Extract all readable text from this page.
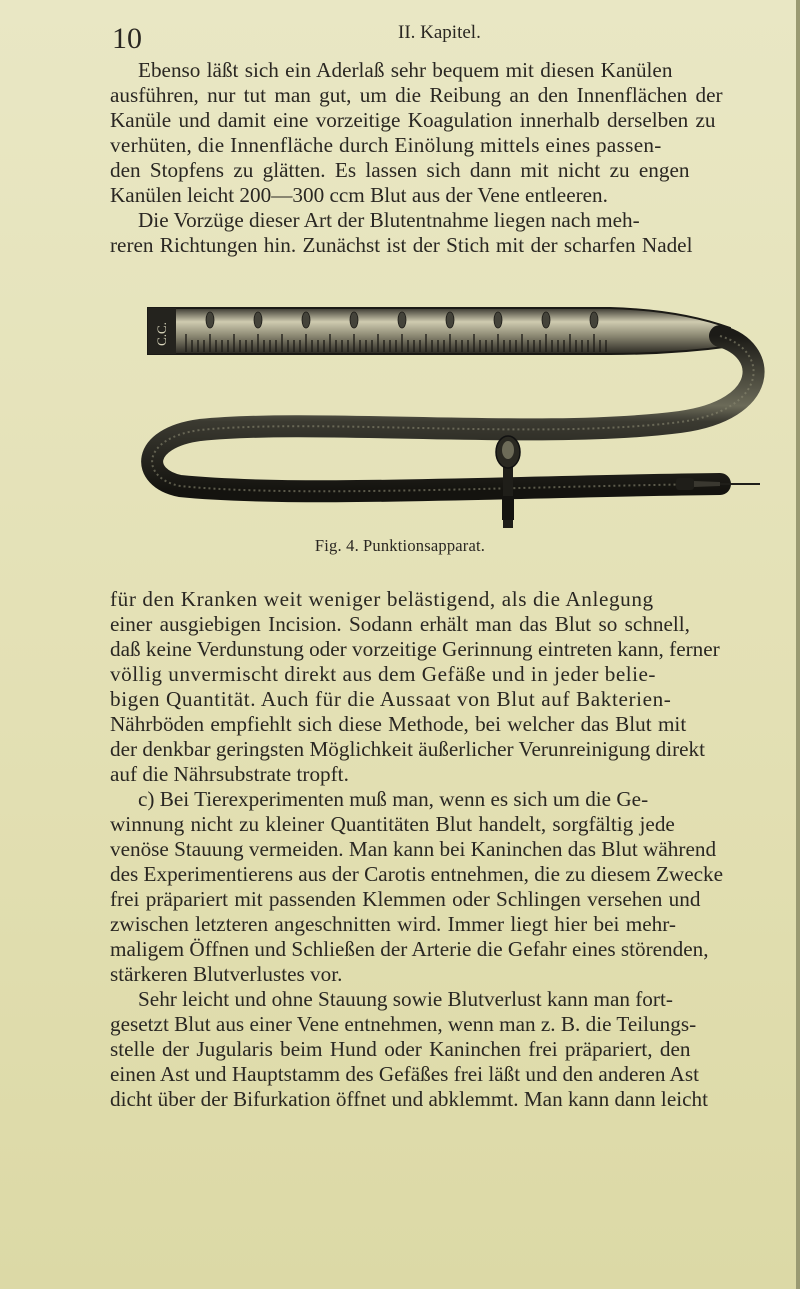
10	II. Kapitel.
Ebenso läßt sich ein Aderlaß sehr bequem mit diesen Kanülen
ausführen, nur tut man gut, um die Reibung an den Innenflächen der
Kanüle und damit eine vorzeitige Koagulation innerhalb derselben zu
verhüten, die Innenfläche durch Einölung mittels eines passen-
den Stopfens zu glätten. Es lassen sich dann mit nicht zu engen
Kanülen leicht 200—300 ccm Blut aus der Vene entleeren.
Die Vorzüge dieser Art der Blutentnahme liegen nach meh-
reren Richtungen hin. Zunächst ist der Stich mit der scharfen Nadel
C.C.
Fig. 4. Punktionsapparat.
für den Kranken weit weniger belästigend, als die Anlegung
einer ausgiebigen Incision. Sodann erhält man das Blut so schnell,
daß keine Verdunstung oder vorzeitige Gerinnung eintreten kann, ferner
völlig unvermischt direkt aus dem Gefäße und in jeder belie-
bigen Quantität. Auch für die Aussaat von Blut auf Bakterien-
Nährböden empfiehlt sich diese Methode, bei welcher das Blut mit
der denkbar geringsten Möglichkeit äußerlicher Verunreinigung direkt
auf die Nährsubstrate tropft.
c) Bei Tierexperimenten muß man, wenn es sich um die Ge-
winnung nicht zu kleiner Quantitäten Blut handelt, sorgfältig jede
venöse Stauung vermeiden. Man kann bei Kaninchen das Blut während
des Experimentierens aus der Carotis entnehmen, die zu diesem Zwecke
frei präpariert mit passenden Klemmen oder Schlingen versehen und
zwischen letzteren angeschnitten wird. Immer liegt hier bei mehr-
maligem Öffnen und Schließen der Arterie die Gefahr eines störenden,
stärkeren Blutverlustes vor.
Sehr leicht und ohne Stauung sowie Blutverlust kann man fort-
gesetzt Blut aus einer Vene entnehmen, wenn man z. B. die Teilungs-
stelle der Jugularis beim Hund oder Kaninchen frei präpariert, den
einen Ast und Hauptstamm des Gefäßes frei läßt und den anderen Ast
dicht über der Bifurkation öffnet und abklemmt. Man kann dann leicht
